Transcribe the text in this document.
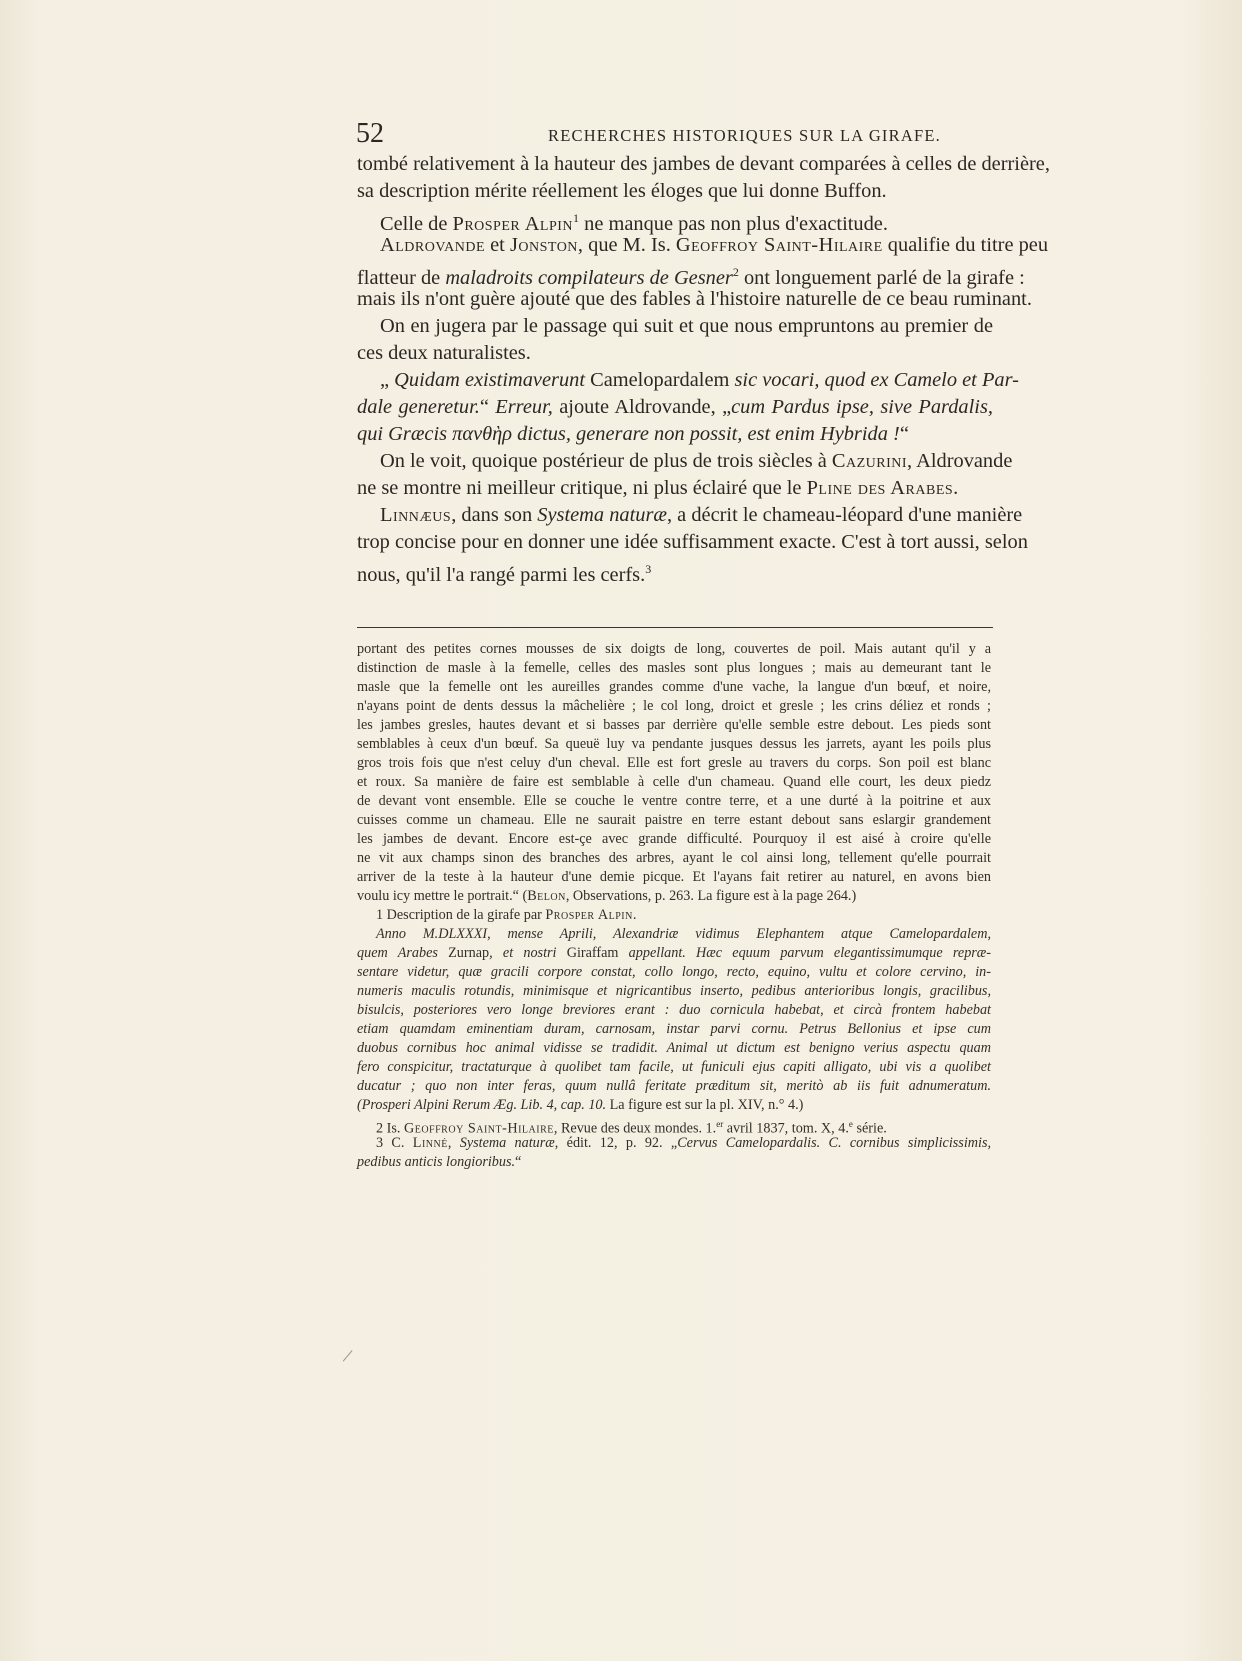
52	RECHERCHES HISTORIQUES SUR LA GIRAFE.
tombé relativement à la hauteur des jambes de devant comparées à celles de derrière,
sa description mérite réellement les éloges que lui donne Buffon.
Celle de Prosper Alpin$^1$ ne manque pas non plus d'exactitude.
Aldrovande et Jonston, que M. Is. Geoffroy Saint-Hilaire qualifie du titre peu
flatteur de maladroits compilateurs de Gesner$^2$ ont longuement parlé de la girafe :
mais ils n'ont guère ajouté que des fables à l'histoire naturelle de ce beau ruminant.
On en jugera par le passage qui suit et que nous empruntons au premier de
ces deux naturalistes.
„ Quidam existimaverunt Camelopardalem sic vocari, quod ex Camelo et Par-
dale generetur.“ Erreur, ajoute Aldrovande, „cum Pardus ipse, sive Pardalis,
qui Græcis πανθὴρ dictus, generare non possit, est enim Hybrida !“
On le voit, quoique postérieur de plus de trois siècles à Cazurini, Aldrovande
ne se montre ni meilleur critique, ni plus éclairé que le Pline des Arabes.
Linnæus, dans son Systema naturæ, a décrit le chameau-léopard d'une manière
trop concise pour en donner une idée suffisamment exacte. C'est à tort aussi, selon
nous, qu'il l'a rangé parmi les cerfs.$^3$
portant des petites cornes mousses de six doigts de long, couvertes de poil. Mais autant qu'il y a
distinction de masle à la femelle, celles des masles sont plus longues ; mais au demeurant tant le
masle que la femelle ont les aureilles grandes comme d'une vache, la langue d'un bœuf, et noire,
n'ayans point de dents dessus la mâchelière ; le col long, droict et gresle ; les crins déliez et ronds ;
les jambes gresles, hautes devant et si basses par derrière qu'elle semble estre debout. Les pieds sont
semblables à ceux d'un bœuf. Sa queuë luy va pendante jusques dessus les jarrets, ayant les poils plus
gros trois fois que n'est celuy d'un cheval. Elle est fort gresle au travers du corps. Son poil est blanc
et roux. Sa manière de faire est semblable à celle d'un chameau. Quand elle court, les deux piedz
de devant vont ensemble. Elle se couche le ventre contre terre, et a une durté à la poitrine et aux
cuisses comme un chameau. Elle ne saurait paistre en terre estant debout sans eslargir grandement
les jambes de devant. Encore est-çe avec grande difficulté. Pourquoy il est aisé à croire qu'elle
ne vit aux champs sinon des branches des arbres, ayant le col ainsi long, tellement qu'elle pourrait
arriver de la teste à la hauteur d'une demie picque. Et l'ayans fait retirer au naturel, en avons bien
voulu icy mettre le portrait.“ (Belon, Observations, p. 263. La figure est à la page 264.)
1 Description de la girafe par Prosper Alpin.
Anno M.DLXXXI, mense Aprili, Alexandriæ vidimus Elephantem atque Camelopardalem,
quem Arabes Zurnap, et nostri Giraffam appellant. Hæc equum parvum elegantissimumque repræ-
sentare videtur, quæ gracili corpore constat, collo longo, recto, equino, vultu et colore cervino, in-
numeris maculis rotundis, minimisque et nigricantibus inserto, pedibus anterioribus longis, gracilibus,
bisulcis, posteriores vero longe breviores erant : duo cornicula habebat, et circà frontem habebat
etiam quamdam eminentiam duram, carnosam, instar parvi cornu. Petrus Bellonius et ipse cum
duobus cornibus hoc animal vidisse se tradidit. Animal ut dictum est benigno verius aspectu quam
fero conspicitur, tractaturque à quolibet tam facile, ut funiculi ejus capiti alligato, ubi vis a quolibet
ducatur ; quo non inter feras, quum nullâ feritate præditum sit, meritò ab iis fuit adnumeratum.
(Prosperi Alpini Rerum Æg. Lib. 4, cap. 10. La figure est sur la pl. XIV, n.° 4.)
2 Is. Geoffroy Saint-Hilaire, Revue des deux mondes. 1.$^{er}$ avril 1837, tom. X, 4.$^e$ série.
3 C. Linné, Systema naturæ, édit. 12, p. 92. „Cervus Camelopardalis. C. cornibus simplicissimis,
pedibus anticis longioribus.“
